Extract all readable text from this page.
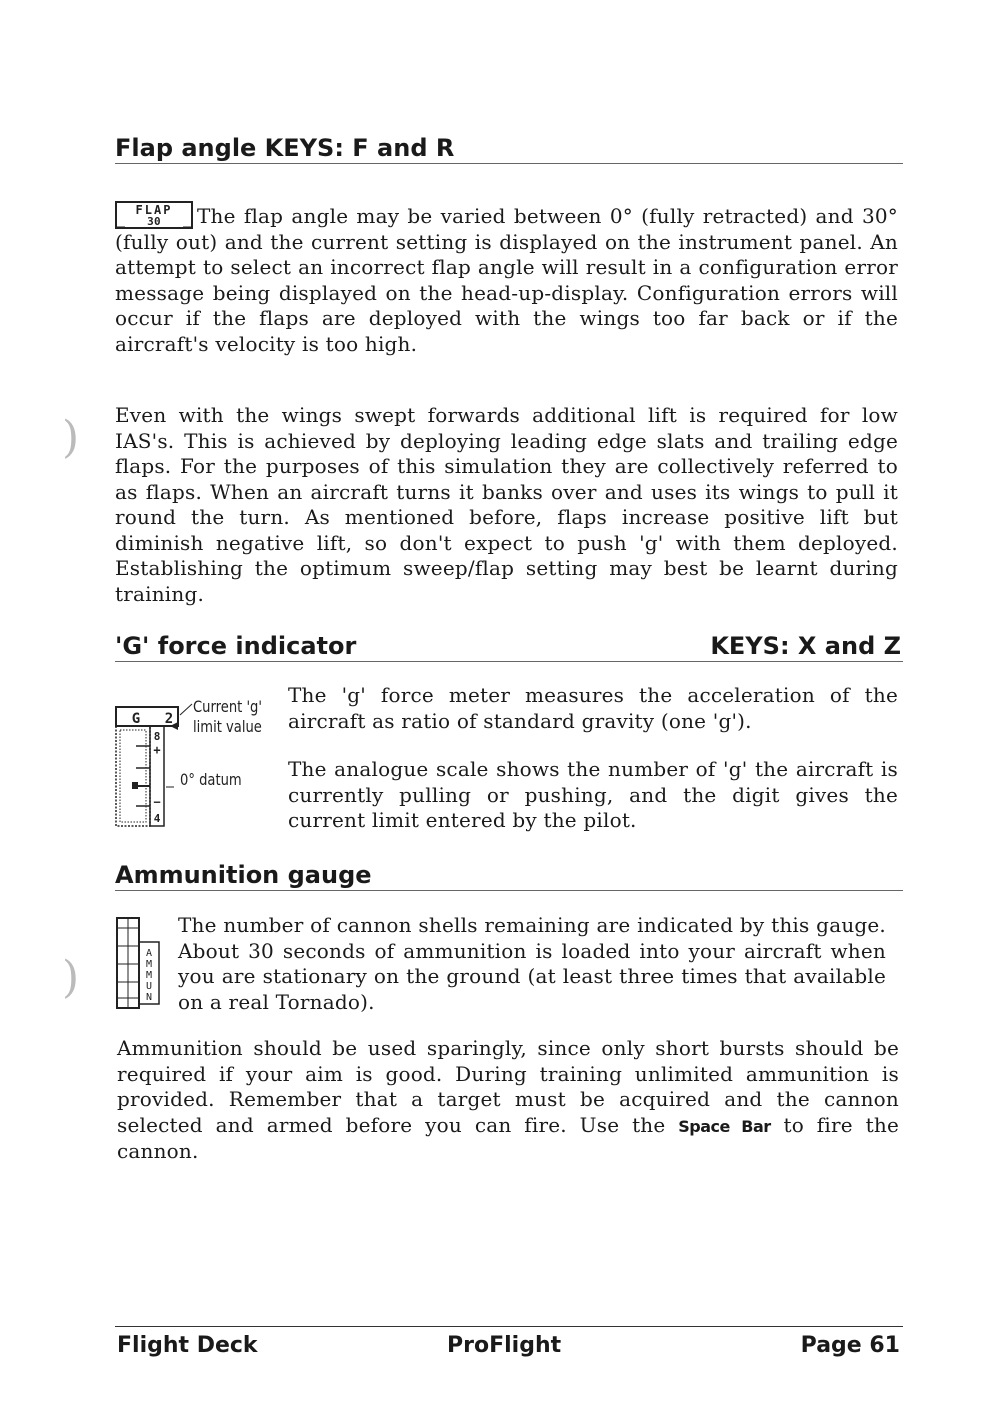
)
)
Flap angle KEYS: F and R

FLAP
30 The flap angle may be varied between 0° (fully retracted) and 30° (fully out) and the current setting is displayed on the instrument panel. An attempt to select an incorrect flap angle will result in a configuration error message being displayed on the head-up-display. Configuration errors will occur if the flaps are deployed with the wings too far back or if the aircraft's velocity is too high.

Even with the wings swept forwards additional lift is required for low IAS's. This is achieved by deploying leading edge slats and trailing edge flaps. For the purposes of this simulation they are collectively referred to as flaps. When an aircraft turns it banks over and uses its wings to pull it round the turn. As mentioned before, flaps increase positive lift but diminish negative lift, so don't expect to push 'g' with them deployed. Establishing the optimum sweep/flap setting may best be learnt during training.

'G' force indicator	KEYS: X and Z
G 2
8
+
−
4
Current 'g'
limit value
0° datum

The 'g' force meter measures the acceleration of the aircraft as ratio of standard gravity (one 'g').

The analogue scale shows the number of 'g' the aircraft is currently pulling or pushing, and the digit gives the current limit entered by the pilot.

Ammunition gauge
A
M
M
U
N

The number of cannon shells remaining are indicated by this gauge. About 30 seconds of ammunition is loaded into your aircraft when you are stationary on the ground (at least three times that available on a real Tornado).

Ammunition should be used sparingly, since only short bursts should be required if your aim is good. During training unlimited ammunition is provided. Remember that a target must be acquired and the cannon selected and armed before you can fire. Use the Space Bar to fire the cannon.

Flight Deck	ProFlight	Page 61
